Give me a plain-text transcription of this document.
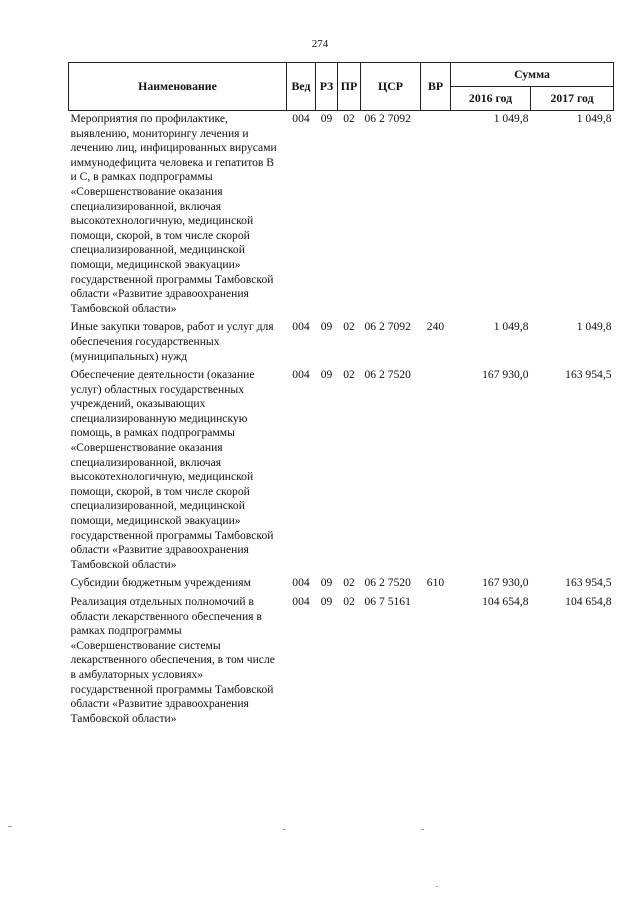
274
Наименование	Вед	РЗ	ПР	ЦСР	ВР	Сумма	
						2016 год	2017 год
Мероприятия по профилактике, выявлению, мониторингу лечения и лечению лиц, инфицированных вирусами иммунодефицита человека и гепатитов В и С, в рамках подпрограммы «Совершенствование оказания специализированной, включая высокотехнологичную, медицинской помощи, скорой, в том числе скорой специализированной, медицинской помощи, медицинской эвакуации» государственной программы Тамбовской области «Развитие здравоохранения Тамбовской области»	004	09	02	06 2 7092		1 049,8	1 049,8
Иные закупки товаров, работ и услуг для обеспечения государственных (муниципальных) нужд	004	09	02	06 2 7092	240	1 049,8	1 049,8
Обеспечение деятельности (оказание услуг) областных государственных учреждений, оказывающих специализированную медицинскую помощь, в рамках подпрограммы «Совершенствование оказания специализированной, включая высокотехнологичную, медицинской помощи, скорой, в том числе скорой специализированной, медицинской помощи, медицинской эвакуации» государственной программы Тамбовской области «Развитие здравоохранения Тамбовской области»	004	09	02	06 2 7520		167 930,0	163 954,5
Субсидии бюджетным учреждениям	004	09	02	06 2 7520	610	167 930,0	163 954,5
Реализация отдельных полномочий в области лекарственного обеспечения в рамках подпрограммы «Совершенствование системы лекарственного обеспечения, в том числе в амбулаторных условиях» государственной программы Тамбовской области «Развитие здравоохранения Тамбовской области»	004	09	02	06 7 5161		104 654,8	104 654,8
